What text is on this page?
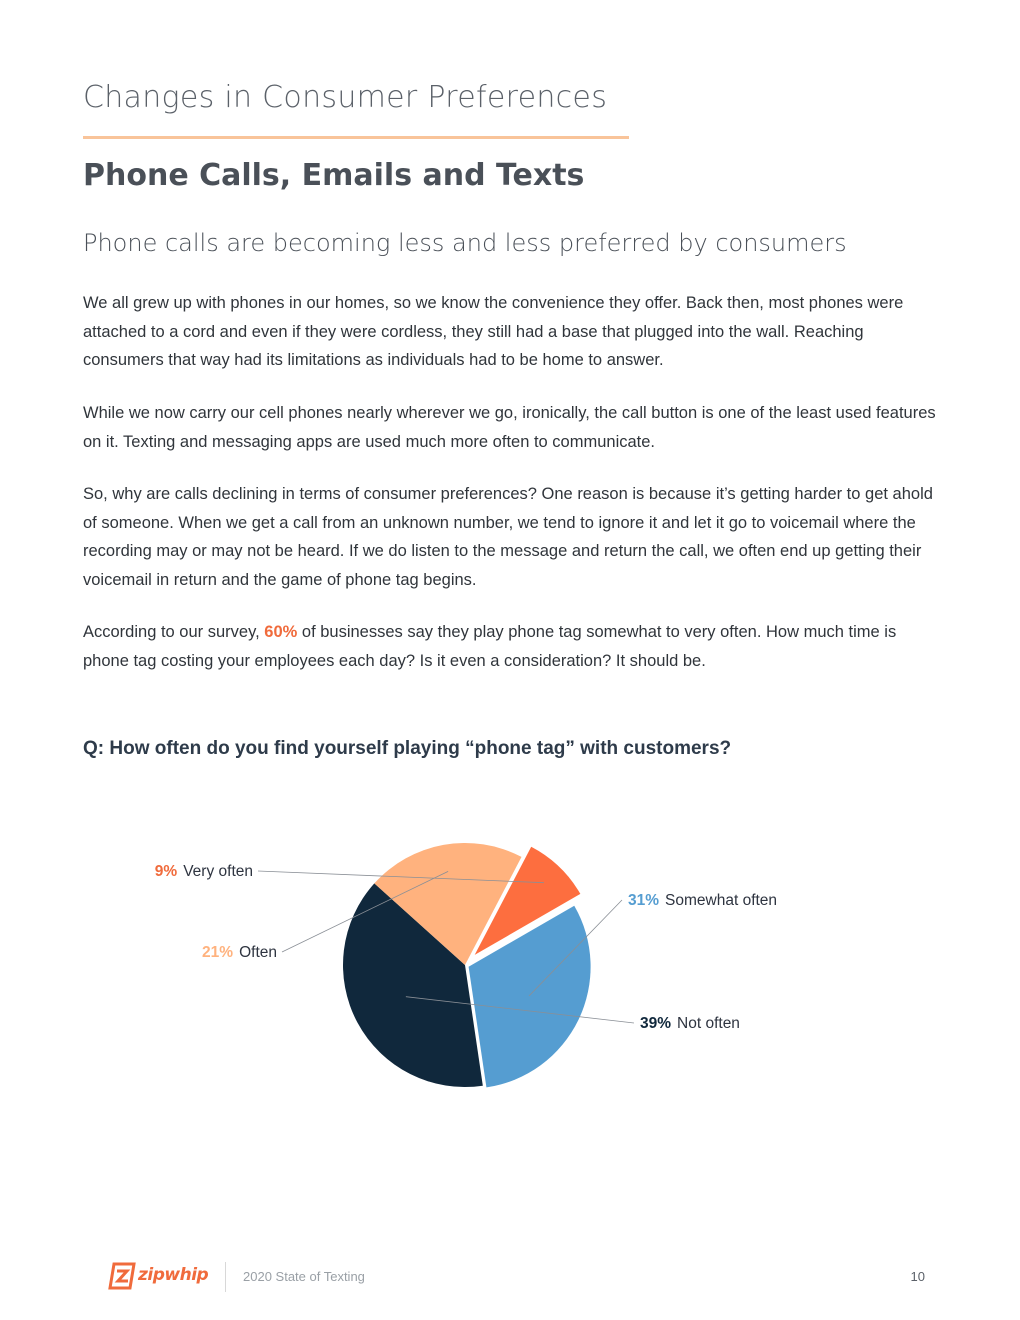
Changes in Consumer Preferences
Phone Calls, Emails and Texts
Phone calls are becoming less and less preferred by consumers

We all grew up with phones in our homes, so we know the convenience they offer. Back then, most phones were attached to a cord and even if they were cordless, they still had a base that plugged into the wall. Reaching consumers that way had its limitations as individuals had to be home to answer.

While we now carry our cell phones nearly wherever we go, ironically, the call button is one of the least used features on it. Texting and messaging apps are used much more often to communicate.

So, why are calls declining in terms of consumer preferences? One reason is because it’s getting harder to get ahold of someone. When we get a call from an unknown number, we tend to ignore it and let it go to voicemail where the recording may or may not be heard. If we do listen to the message and return the call, we often end up getting their voicemail in return and the game of phone tag begins.

According to our survey, 60% of businesses say they play phone tag somewhat to very often. How much time is phone tag costing your employees each day? Is it even a consideration? It should be.

Q: How often do you find yourself playing “phone tag” with customers?
31% Somewhat often
39% Not often
21% Often
9% Very often
zipwhip	2020 State of Texting	10
